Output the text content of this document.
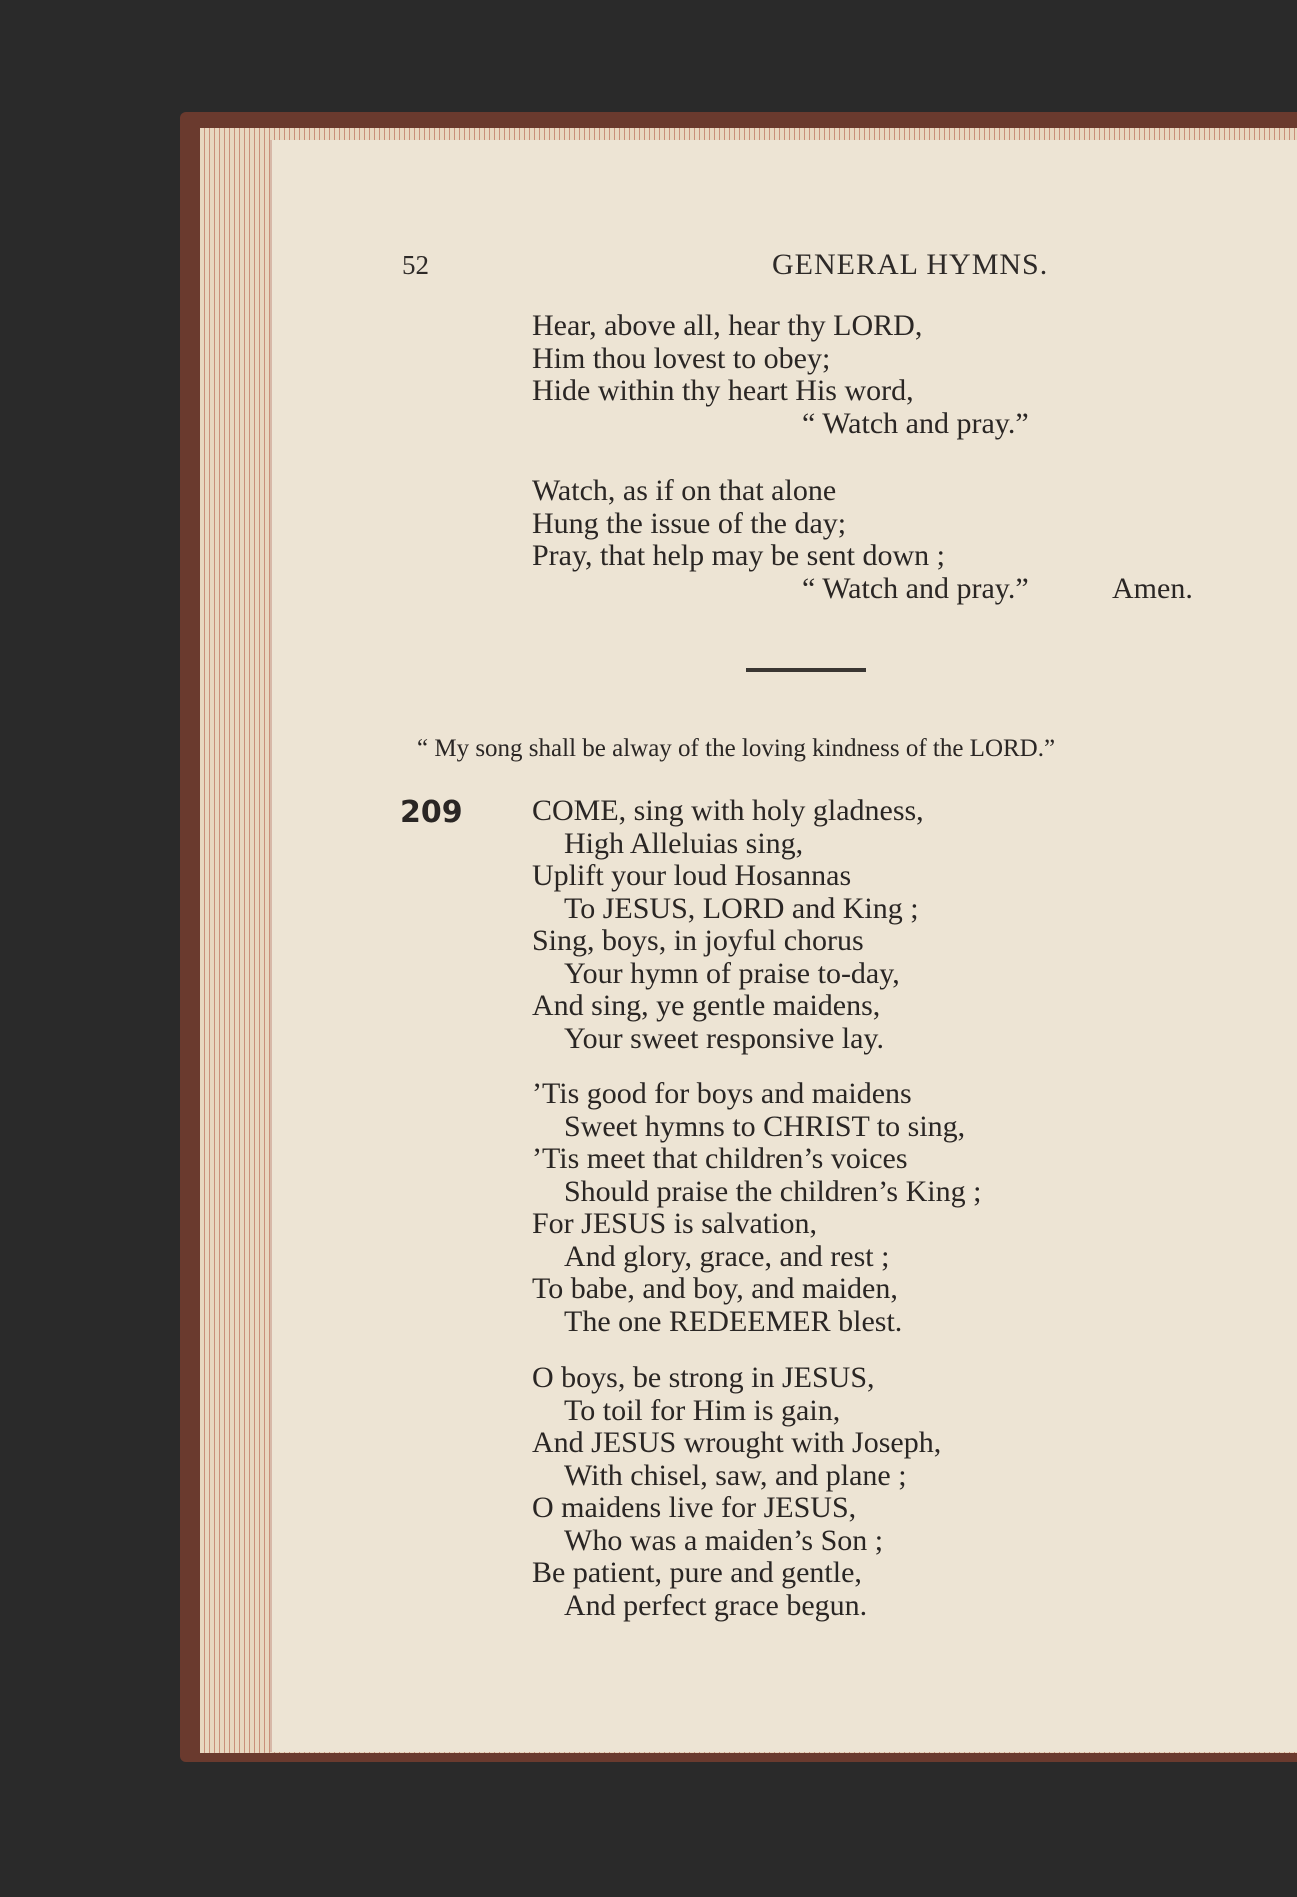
52	GENERAL HYMNS.
Hear, above all, hear thy LORD,
Him thou lovest to obey;
Hide within thy heart His word,
“ Watch and pray.”
Watch, as if on that alone
Hung the issue of the day;
Pray, that help may be sent down ;
“ Watch and pray.”	Amen.
“ My song shall be alway of the loving kindness of the LORD.”
209 COME, sing with holy gladness,
High Alleluias sing,
Uplift your loud Hosannas
To JESUS, LORD and King ;
Sing, boys, in joyful chorus
Your hymn of praise to-day,
And sing, ye gentle maidens,
Your sweet responsive lay.
’Tis good for boys and maidens
Sweet hymns to CHRIST to sing,
’Tis meet that children’s voices
Should praise the children’s King ;
For JESUS is salvation,
And glory, grace, and rest ;
To babe, and boy, and maiden,
The one REDEEMER blest.
O boys, be strong in JESUS,
To toil for Him is gain,
And JESUS wrought with Joseph,
With chisel, saw, and plane ;
O maidens live for JESUS,
Who was a maiden’s Son ;
Be patient, pure and gentle,
And perfect grace begun.
